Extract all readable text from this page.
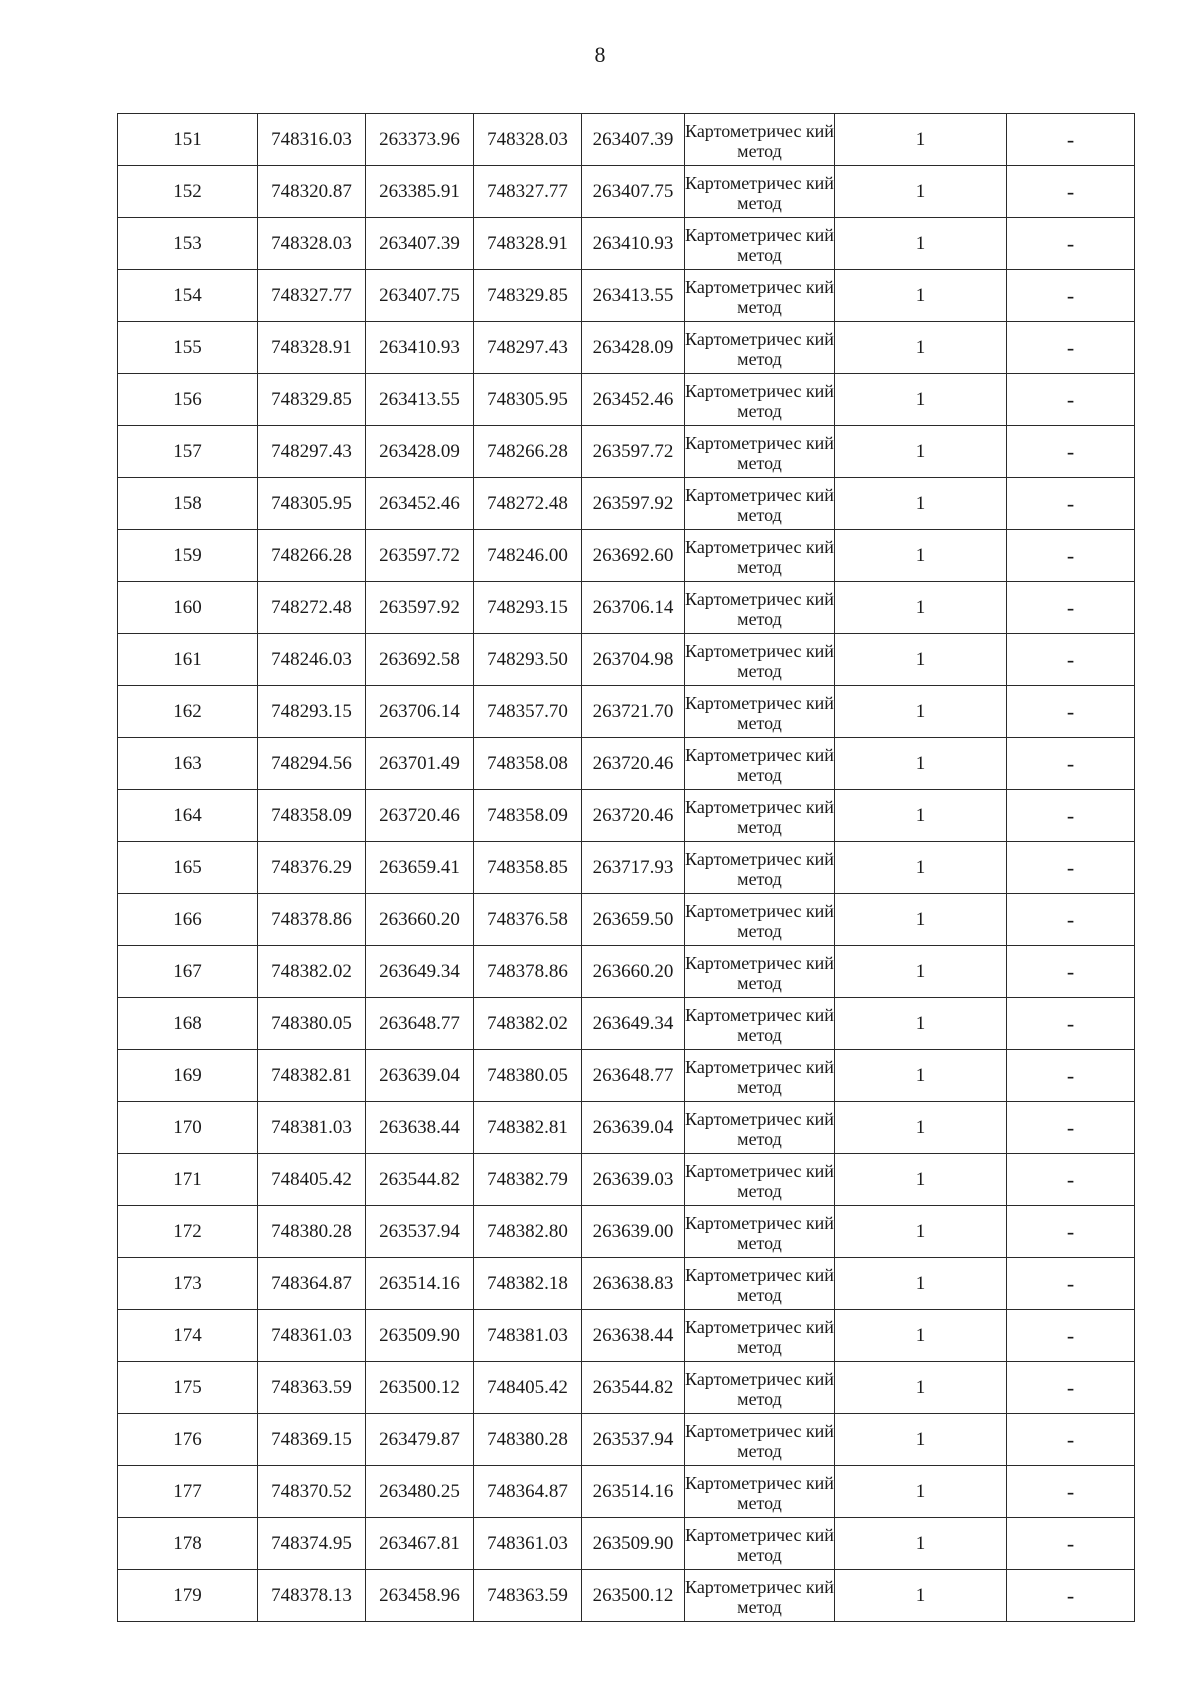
8
151	748316.03	263373.96	748328.03	263407.39	Картометричес кий метод	1	-
152	748320.87	263385.91	748327.77	263407.75	Картометричес кий метод	1	-
153	748328.03	263407.39	748328.91	263410.93	Картометричес кий метод	1	-
154	748327.77	263407.75	748329.85	263413.55	Картометричес кий метод	1	-
155	748328.91	263410.93	748297.43	263428.09	Картометричес кий метод	1	-
156	748329.85	263413.55	748305.95	263452.46	Картометричес кий метод	1	-
157	748297.43	263428.09	748266.28	263597.72	Картометричес кий метод	1	-
158	748305.95	263452.46	748272.48	263597.92	Картометричес кий метод	1	-
159	748266.28	263597.72	748246.00	263692.60	Картометричес кий метод	1	-
160	748272.48	263597.92	748293.15	263706.14	Картометричес кий метод	1	-
161	748246.03	263692.58	748293.50	263704.98	Картометричес кий метод	1	-
162	748293.15	263706.14	748357.70	263721.70	Картометричес кий метод	1	-
163	748294.56	263701.49	748358.08	263720.46	Картометричес кий метод	1	-
164	748358.09	263720.46	748358.09	263720.46	Картометричес кий метод	1	-
165	748376.29	263659.41	748358.85	263717.93	Картометричес кий метод	1	-
166	748378.86	263660.20	748376.58	263659.50	Картометричес кий метод	1	-
167	748382.02	263649.34	748378.86	263660.20	Картометричес кий метод	1	-
168	748380.05	263648.77	748382.02	263649.34	Картометричес кий метод	1	-
169	748382.81	263639.04	748380.05	263648.77	Картометричес кий метод	1	-
170	748381.03	263638.44	748382.81	263639.04	Картометричес кий метод	1	-
171	748405.42	263544.82	748382.79	263639.03	Картометричес кий метод	1	-
172	748380.28	263537.94	748382.80	263639.00	Картометричес кий метод	1	-
173	748364.87	263514.16	748382.18	263638.83	Картометричес кий метод	1	-
174	748361.03	263509.90	748381.03	263638.44	Картометричес кий метод	1	-
175	748363.59	263500.12	748405.42	263544.82	Картометричес кий метод	1	-
176	748369.15	263479.87	748380.28	263537.94	Картометричес кий метод	1	-
177	748370.52	263480.25	748364.87	263514.16	Картометричес кий метод	1	-
178	748374.95	263467.81	748361.03	263509.90	Картометричес кий метод	1	-
179	748378.13	263458.96	748363.59	263500.12	Картометричес кий метод	1	-
